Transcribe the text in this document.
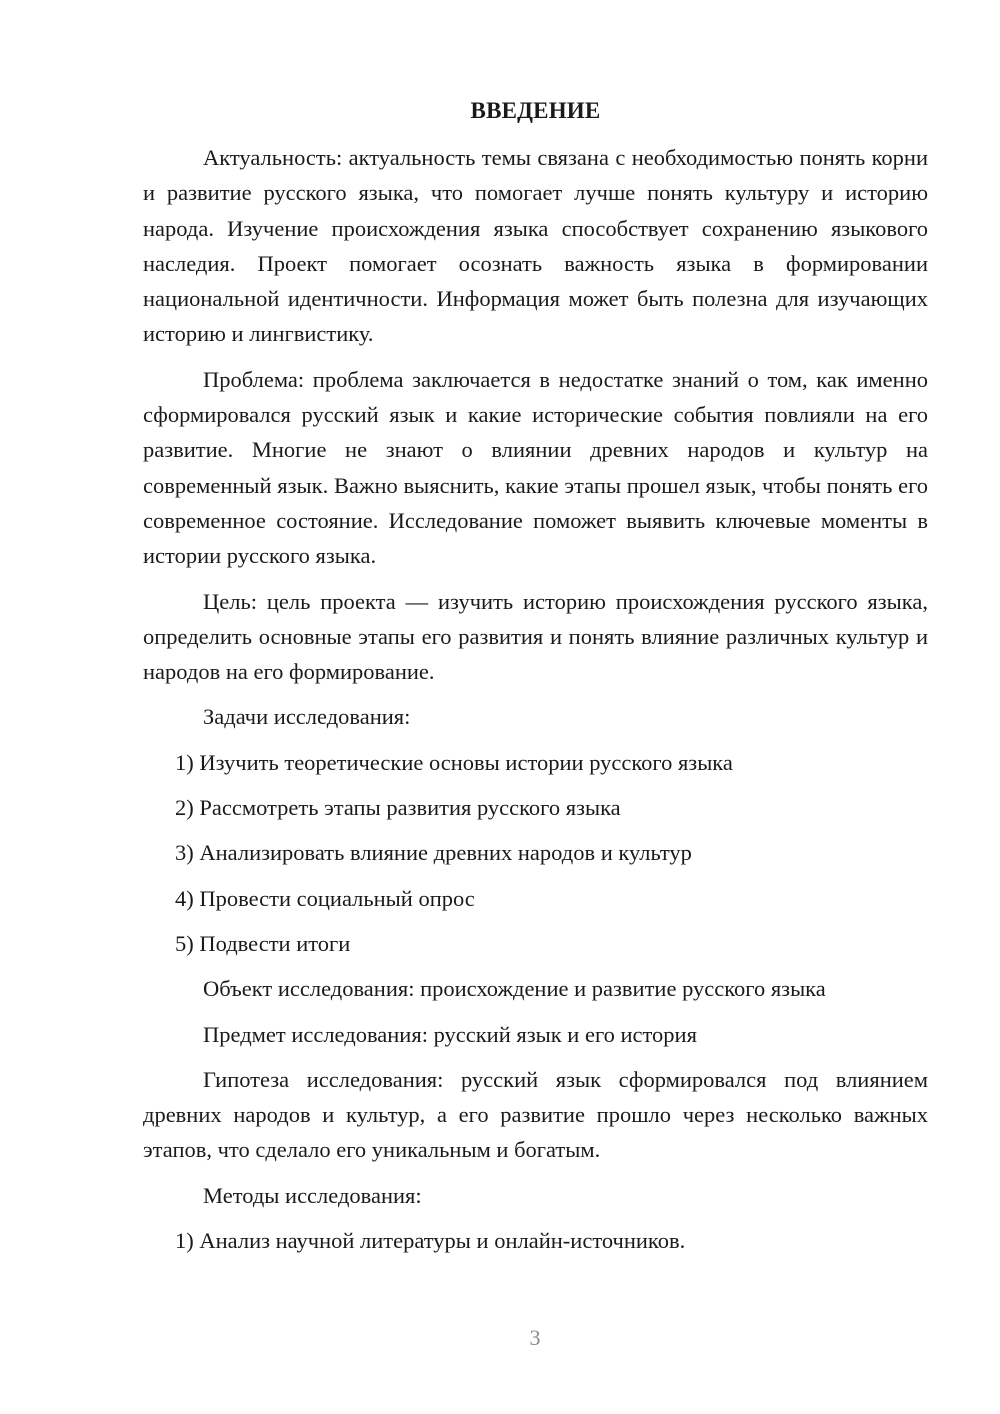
ВВЕДЕНИЕ

Актуальность: актуальность темы связана с необходимостью понять корни и развитие русского языка, что помогает лучше понять культуру и историю народа. Изучение происхождения языка способствует сохранению языкового наследия. Проект помогает осознать важность языка в формировании национальной идентичности. Информация может быть полезна для изучающих историю и лингвистику.

Проблема: проблема заключается в недостатке знаний о том, как именно сформировался русский язык и какие исторические события повлияли на его развитие. Многие не знают о влиянии древних народов и культур на современный язык. Важно выяснить, какие этапы прошел язык, чтобы понять его современное состояние. Исследование поможет выявить ключевые моменты в истории русского языка.

Цель: цель проекта — изучить историю происхождения русского языка, определить основные этапы его развития и понять влияние различных культур и народов на его формирование.

Задачи исследования:
1) Изучить теоретические основы истории русского языка
2) Рассмотреть этапы развития русского языка
3) Анализировать влияние древних народов и культур
4) Провести социальный опрос
5) Подвести итоги
Объект исследования: происхождение и развитие русского языка
Предмет исследования: русский язык и его история

Гипотеза исследования: русский язык сформировался под влиянием древних народов и культур, а его развитие прошло через несколько важных этапов, что сделало его уникальным и богатым.

Методы исследования:
1) Анализ научной литературы и онлайн-источников.
3
